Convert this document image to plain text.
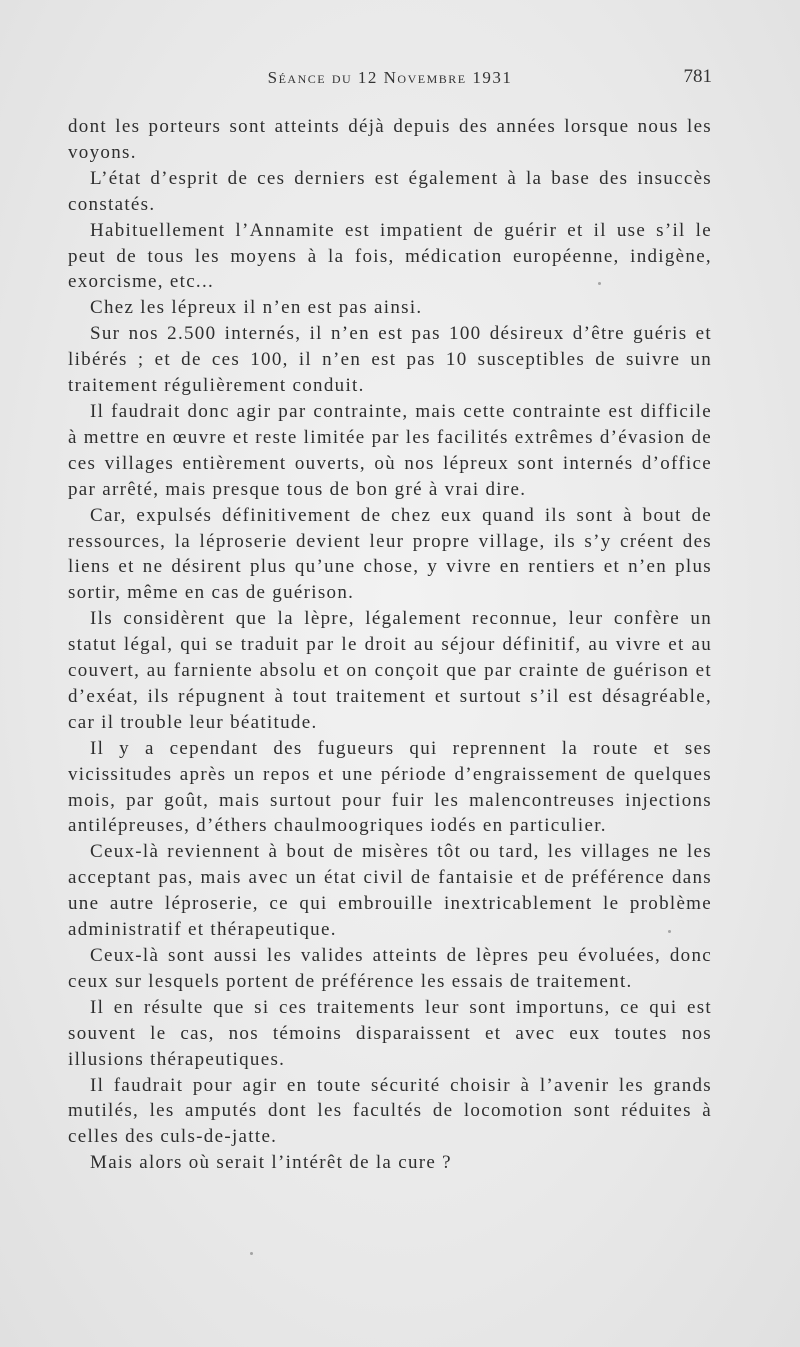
Séance du 12 Novembre 1931	781

dont les porteurs sont atteints déjà depuis des années lorsque nous les voyons.

L’état d’esprit de ces derniers est également à la base des insuccès constatés.

Habituellement l’Annamite est impatient de guérir et il use s’il le peut de tous les moyens à la fois, médication européenne, indigène, exorcisme, etc...

Chez les lépreux il n’en est pas ainsi.

Sur nos 2.500 internés, il n’en est pas 100 désireux d’être guéris et libérés ; et de ces 100, il n’en est pas 10 susceptibles de suivre un traitement régulièrement conduit.

Il faudrait donc agir par contrainte, mais cette contrainte est difficile à mettre en œuvre et reste limitée par les facilités extrêmes d’évasion de ces villages entièrement ouverts, où nos lépreux sont internés d’office par arrêté, mais presque tous de bon gré à vrai dire.

Car, expulsés définitivement de chez eux quand ils sont à bout de ressources, la léproserie devient leur propre village, ils s’y créent des liens et ne désirent plus qu’une chose, y vivre en rentiers et n’en plus sortir, même en cas de guérison.

Ils considèrent que la lèpre, légalement reconnue, leur confère un statut légal, qui se traduit par le droit au séjour définitif, au vivre et au couvert, au farniente absolu et on conçoit que par crainte de guérison et d’exéat, ils répugnent à tout traitement et surtout s’il est désagréable, car il trouble leur béatitude.

Il y a cependant des fugueurs qui reprennent la route et ses vicissitudes après un repos et une période d’engraissement de quelques mois, par goût, mais surtout pour fuir les malencontreuses injections antilépreuses, d’éthers chaulmoogriques iodés en particulier.

Ceux-là reviennent à bout de misères tôt ou tard, les villages ne les acceptant pas, mais avec un état civil de fantaisie et de préférence dans une autre léproserie, ce qui embrouille inextricablement le problème administratif et thérapeutique.

Ceux-là sont aussi les valides atteints de lèpres peu évoluées, donc ceux sur lesquels portent de préférence les essais de traitement.

Il en résulte que si ces traitements leur sont importuns, ce qui est souvent le cas, nos témoins disparaissent et avec eux toutes nos illusions thérapeutiques.

Il faudrait pour agir en toute sécurité choisir à l’avenir les grands mutilés, les amputés dont les facultés de locomotion sont réduites à celles des culs-de-jatte.

Mais alors où serait l’intérêt de la cure ?
